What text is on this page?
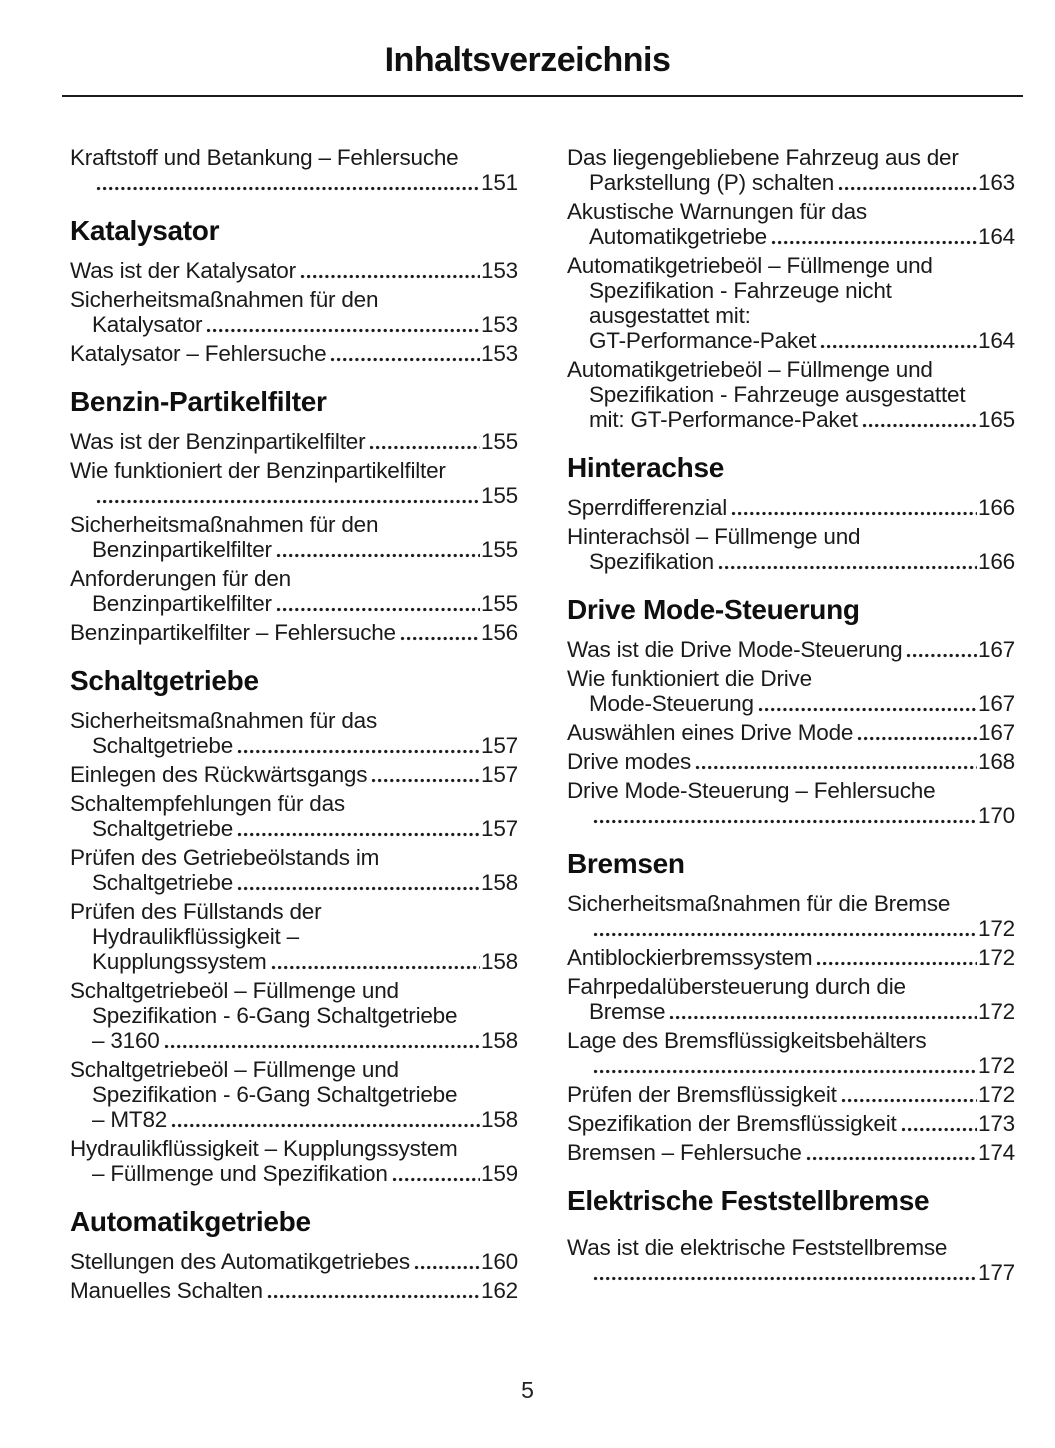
Inhaltsverzeichnis
Kraftstoff und Betankung – Fehlersuche
151
Katalysator
Was ist der Katalysator	153
Sicherheitsmaßnahmen für den
Katalysator	153
Katalysator – Fehlersuche	153
Benzin-Partikelfilter
Was ist der Benzinpartikelfilter	155
Wie funktioniert der Benzinpartikelfilter
155
Sicherheitsmaßnahmen für den
Benzinpartikelfilter	155
Anforderungen für den
Benzinpartikelfilter	155
Benzinpartikelfilter – Fehlersuche	156
Schaltgetriebe
Sicherheitsmaßnahmen für das
Schaltgetriebe	157
Einlegen des Rückwärtsgangs	157
Schaltempfehlungen für das
Schaltgetriebe	157
Prüfen des Getriebeölstands im
Schaltgetriebe	158
Prüfen des Füllstands der
Hydraulikflüssigkeit –
Kupplungssystem	158
Schaltgetriebeöl – Füllmenge und
Spezifikation - 6-Gang Schaltgetriebe
– 3160	158
Schaltgetriebeöl – Füllmenge und
Spezifikation - 6-Gang Schaltgetriebe
– MT82	158
Hydraulikflüssigkeit – Kupplungssystem
– Füllmenge und Spezifikation	159
Automatikgetriebe
Stellungen des Automatikgetriebes	160
Manuelles Schalten	162
Das liegengebliebene Fahrzeug aus der
Parkstellung (P) schalten	163
Akustische Warnungen für das
Automatikgetriebe	164
Automatikgetriebeöl – Füllmenge und
Spezifikation - Fahrzeuge nicht
ausgestattet mit:
GT-Performance-Paket	164
Automatikgetriebeöl – Füllmenge und
Spezifikation - Fahrzeuge ausgestattet
mit: GT-Performance-Paket	165
Hinterachse
Sperrdifferenzial	166
Hinterachsöl – Füllmenge und
Spezifikation	166
Drive Mode-Steuerung
Was ist die Drive Mode-Steuerung	167
Wie funktioniert die Drive
Mode-Steuerung	167
Auswählen eines Drive Mode	167
Drive modes	168
Drive Mode-Steuerung – Fehlersuche
170
Bremsen
Sicherheitsmaßnahmen für die Bremse
172
Antiblockierbremssystem	172
Fahrpedalübersteuerung durch die
Bremse	172
Lage des Bremsflüssigkeitsbehälters
172
Prüfen der Bremsflüssigkeit	172
Spezifikation der Bremsflüssigkeit	173
Bremsen – Fehlersuche	174
Elektrische Feststellbremse
Was ist die elektrische Feststellbremse
177
5
